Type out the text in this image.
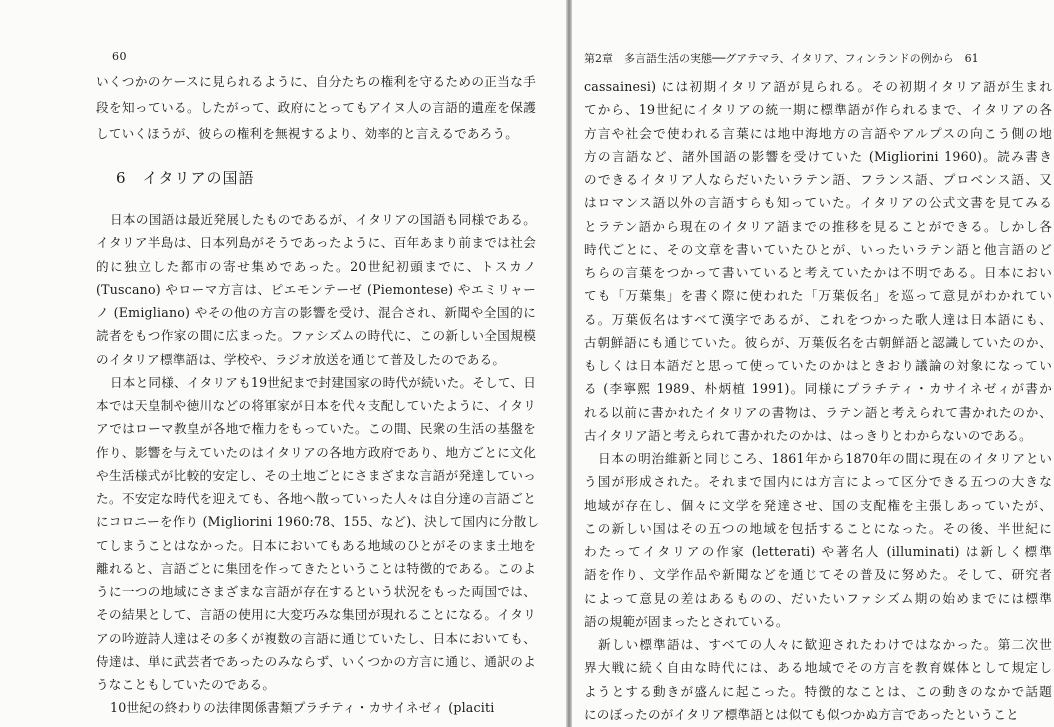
60
いくつかのケースに見られるように、自分たちの権利を守るための正当な手
段を知っている。したがって、政府にとってもアイヌ人の言語的遺産を保護
していくほうが、彼らの権利を無視するより、効率的と言えるであろう。
6　イタリアの国語
日本の国語は最近発展したものであるが、イタリアの国語も同様である。
イタリア半島は、日本列島がそうであったように、百年あまり前までは社会
的に独立した都市の寄せ集めであった。20世紀初頭までに、トスカノ
(Tuscano) やローマ方言は、ピエモンテーゼ (Piemontese) やエミリャー
ノ (Emigliano) やその他の方言の影響を受け、混合され、新聞や全国的に
読者をもつ作家の間に広まった。ファシズムの時代に、この新しい全国規模
のイタリア標準語は、学校や、ラジオ放送を通じて普及したのである。
日本と同様、イタリアも19世紀まで封建国家の時代が続いた。そして、日
本では天皇制や徳川などの将軍家が日本を代々支配していたように、イタリ
アではローマ教皇が各地で権力をもっていた。この間、民衆の生活の基盤を
作り、影響を与えていたのはイタリアの各地方政府であり、地方ごとに文化
や生活様式が比較的安定し、その土地ごとにさまざまな言語が発達していっ
た。不安定な時代を迎えても、各地へ散っていった人々は自分達の言語ごと
にコロニーを作り (Migliorini 1960:78、155、など)、決して国内に分散し
てしまうことはなかった。日本においてもある地域のひとがそのまま土地を
離れると、言語ごとに集団を作ってきたということは特徴的である。このよ
うに一つの地域にさまざまな言語が存在するという状況をもった両国では、
その結果として、言語の使用に大変巧みな集団が現れることになる。イタリ
アの吟遊詩人達はその多くが複数の言語に通じていたし、日本においても、
侍達は、単に武芸者であったのみならず、いくつかの方言に通じ、通訳のよ
うなこともしていたのである。
10世紀の終わりの法律関係書類プラチティ・カサイネゼィ (placiti
第2章　多言語生活の実態──グアテマラ、イタリア、フィンランドの例から　61
cassainesi) には初期イタリア語が見られる。その初期イタリア語が生まれ
てから、19世紀にイタリアの統一期に標準語が作られるまで、イタリアの各
方言や社会で使われる言葉には地中海地方の言語やアルプスの向こう側の地
方の言語など、諸外国語の影響を受けていた (Migliorini 1960)。読み書き
のできるイタリア人ならだいたいラテン語、フランス語、プロベンス語、又
はロマンス語以外の言語すらも知っていた。イタリアの公式文書を見てみる
とラテン語から現在のイタリア語までの推移を見ることができる。しかし各
時代ごとに、その文章を書いていたひとが、いったいラテン語と他言語のど
ちらの言葉をつかって書いていると考えていたかは不明である。日本におい
ても「万葉集」を書く際に使われた「万葉仮名」を巡って意見がわかれてい
る。万葉仮名はすべて漢字であるが、これをつかった歌人達は日本語にも、
古朝鮮語にも通じていた。彼らが、万葉仮名を古朝鮮語と認識していたのか、
もしくは日本語だと思って使っていたのかはときおり議論の対象になってい
る (李寧熙 1989、朴炳植 1991)。同様にプラチティ・カサイネゼィが書か
れる以前に書かれたイタリアの書物は、ラテン語と考えられて書かれたのか、
古イタリア語と考えられて書かれたのかは、はっきりとわからないのである。
日本の明治維新と同じころ、1861年から1870年の間に現在のイタリアとい
う国が形成された。それまで国内には方言によって区分できる五つの大きな
地域が存在し、個々に文学を発達させ、国の支配権を主張しあっていたが、
この新しい国はその五つの地域を包括することになった。その後、半世紀に
わたってイタリアの作家 (letterati) や著名人 (illuminati) は新しく標準
語を作り、文学作品や新聞などを通じてその普及に努めた。そして、研究者
によって意見の差はあるものの、だいたいファシズム期の始めまでには標準
語の規範が固まったとされている。
新しい標準語は、すべての人々に歓迎されたわけではなかった。第二次世
界大戦に続く自由な時代には、ある地域でその方言を教育媒体として規定し
ようとする動きが盛んに起こった。特徴的なことは、この動きのなかで話題
にのぼったのがイタリア標準語とは似ても似つかぬ方言であったということ
